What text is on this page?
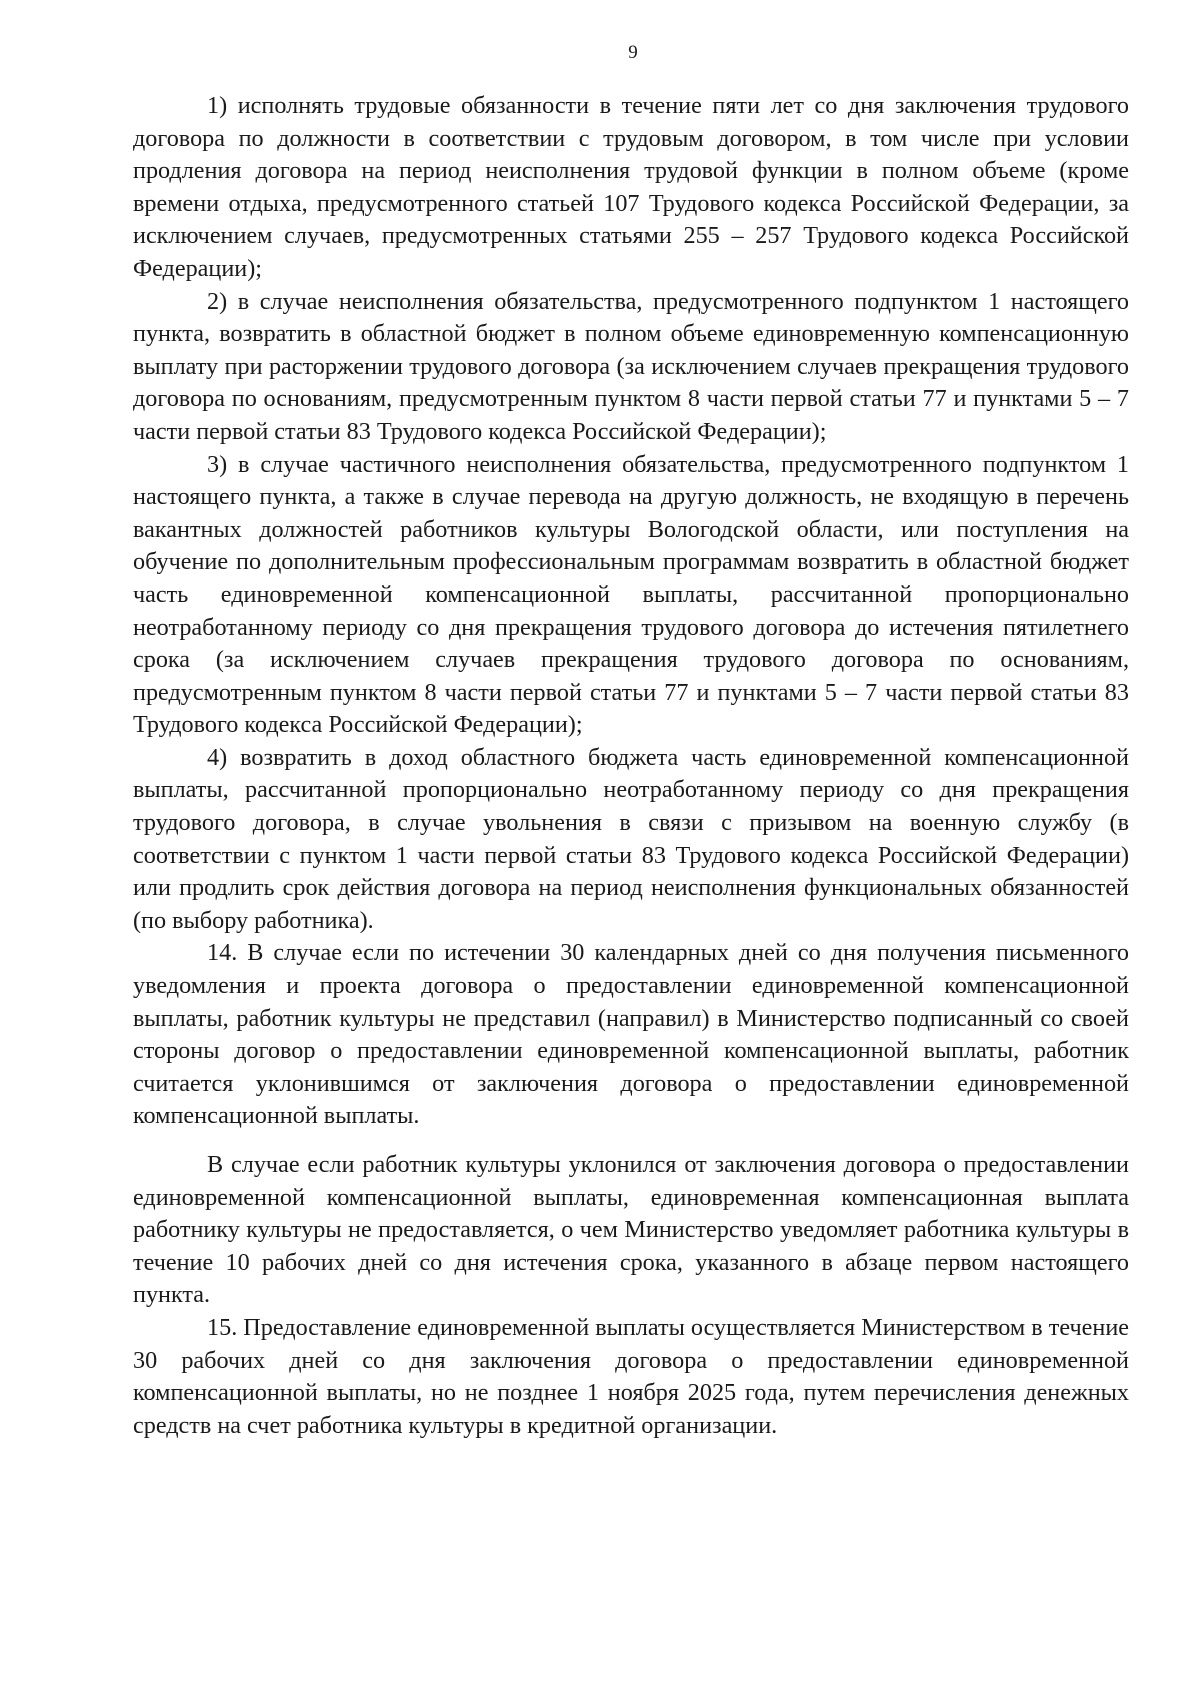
9

1) исполнять трудовые обязанности в течение пяти лет со дня заключения трудового договора по должности в соответствии с трудовым договором, в том числе при условии продления договора на период неисполнения трудовой функции в полном объеме (кроме времени отдыха, предусмотренного статьей 107 Трудового кодекса Российской Федерации, за исключением случаев, предусмотренных статьями 255 – 257 Трудового кодекса Российской Федерации);

2) в случае неисполнения обязательства, предусмотренного подпунктом 1 настоящего пункта, возвратить в областной бюджет в полном объеме единовременную компенсационную выплату при расторжении трудового договора (за исключением случаев прекращения трудового договора по основаниям, предусмотренным пунктом 8 части первой статьи 77 и пунктами 5 – 7 части первой статьи 83 Трудового кодекса Российской Федерации);

3) в случае частичного неисполнения обязательства, предусмотренного подпунктом 1 настоящего пункта, а также в случае перевода на другую должность, не входящую в перечень вакантных должностей работников культуры Вологодской области, или поступления на обучение по дополнительным профессиональным программам возвратить в областной бюджет часть единовременной компенсационной выплаты, рассчитанной пропорционально неотработанному периоду со дня прекращения трудового договора до истечения пятилетнего срока (за исключением случаев прекращения трудового договора по основаниям, предусмотренным пунктом 8 части первой статьи 77 и пунктами 5 – 7 части первой статьи 83 Трудового кодекса Российской Федерации);

4) возвратить в доход областного бюджета часть единовременной компенсационной выплаты, рассчитанной пропорционально неотработанному периоду со дня прекращения трудового договора, в случае увольнения в связи с призывом на военную службу (в соответствии с пунктом 1 части первой статьи 83 Трудового кодекса Российской Федерации) или продлить срок действия договора на период неисполнения функциональных обязанностей (по выбору работника).

14. В случае если по истечении 30 календарных дней со дня получения письменного уведомления и проекта договора о предоставлении единовременной компенсационной выплаты, работник культуры не представил (направил) в Министерство подписанный со своей стороны договор о предоставлении единовременной компенсационной выплаты, работник считается уклонившимся от заключения договора о предоставлении единовременной компенсационной выплаты.

В случае если работник культуры уклонился от заключения договора о предоставлении единовременной компенсационной выплаты, единовременная компенсационная выплата работнику культуры не предоставляется, о чем Министерство уведомляет работника культуры в течение 10 рабочих дней со дня истечения срока, указанного в абзаце первом настоящего пункта.

15. Предоставление единовременной выплаты осуществляется Министерством в течение 30 рабочих дней со дня заключения договора о предоставлении единовременной компенсационной выплаты, но не позднее 1 ноября 2025 года, путем перечисления денежных средств на счет работника культуры в кредитной организации.
